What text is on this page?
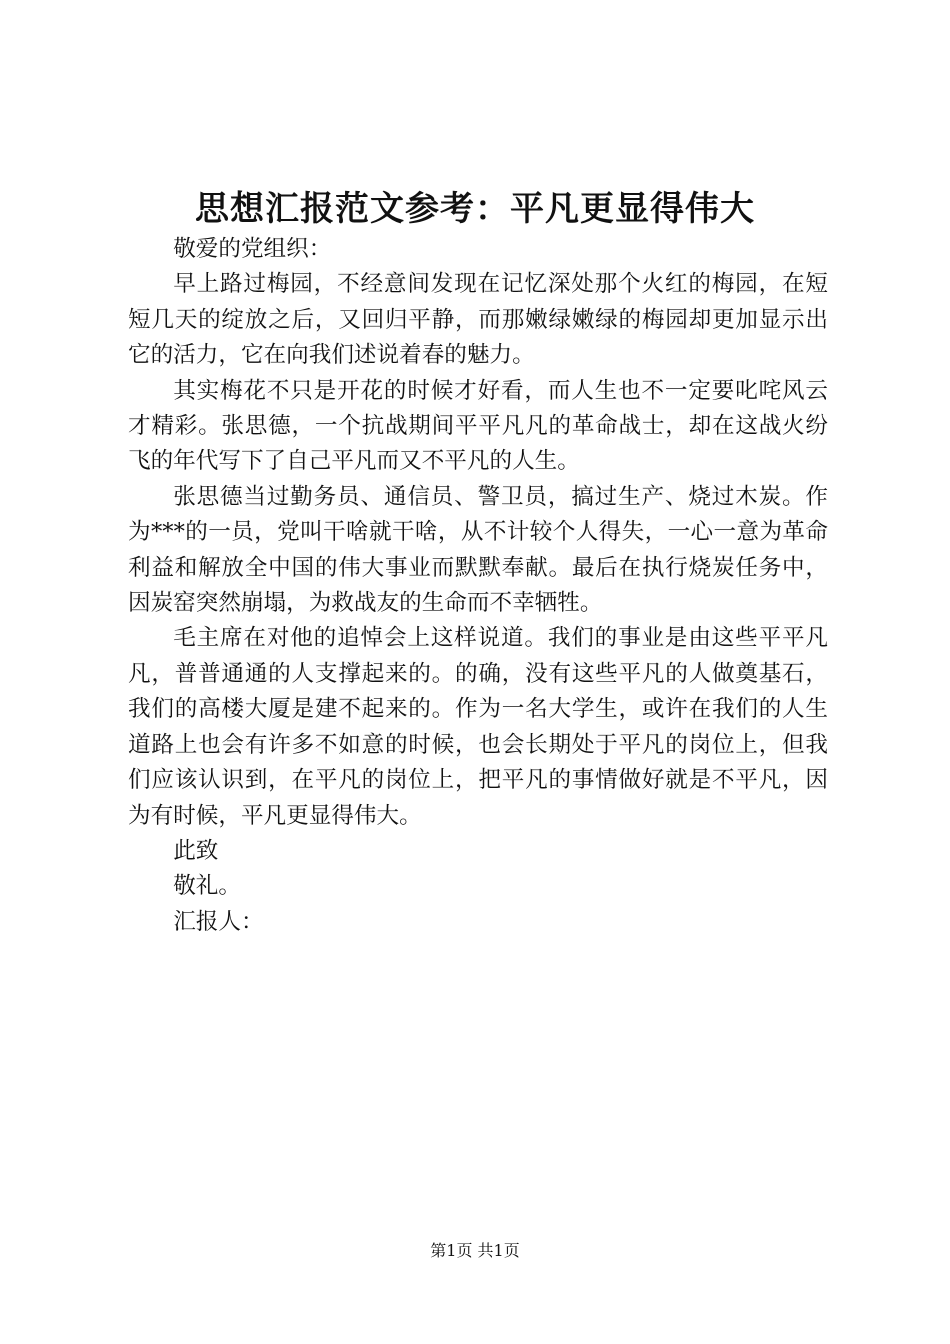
思想汇报范文参考：平凡更显得伟大

敬爱的党组织：

早上路过梅园，不经意间发现在记忆深处那个火红的梅园，在短短几天的绽放之后，又回归平静，而那嫩绿嫩绿的梅园却更加显示出它的活力，它在向我们述说着春的魅力。

其实梅花不只是开花的时候才好看，而人生也不一定要叱咤风云才精彩。张思德，一个抗战期间平平凡凡的革命战士，却在这战火纷飞的年代写下了自己平凡而又不平凡的人生。

张思德当过勤务员、通信员、警卫员，搞过生产、烧过木炭。作为***的一员，党叫干啥就干啥，从不计较个人得失，一心一意为革命利益和解放全中国的伟大事业而默默奉献。最后在执行烧炭任务中，因炭窑突然崩塌，为救战友的生命而不幸牺牲。

毛主席在对他的追悼会上这样说道。我们的事业是由这些平平凡凡，普普通通的人支撑起来的。的确，没有这些平凡的人做奠基石，我们的高楼大厦是建不起来的。作为一名大学生，或许在我们的人生道路上也会有许多不如意的时候，也会长期处于平凡的岗位上，但我们应该认识到，在平凡的岗位上，把平凡的事情做好就是不平凡，因为有时候，平凡更显得伟大。

此致

敬礼。

汇报人：

第1页 共1页
